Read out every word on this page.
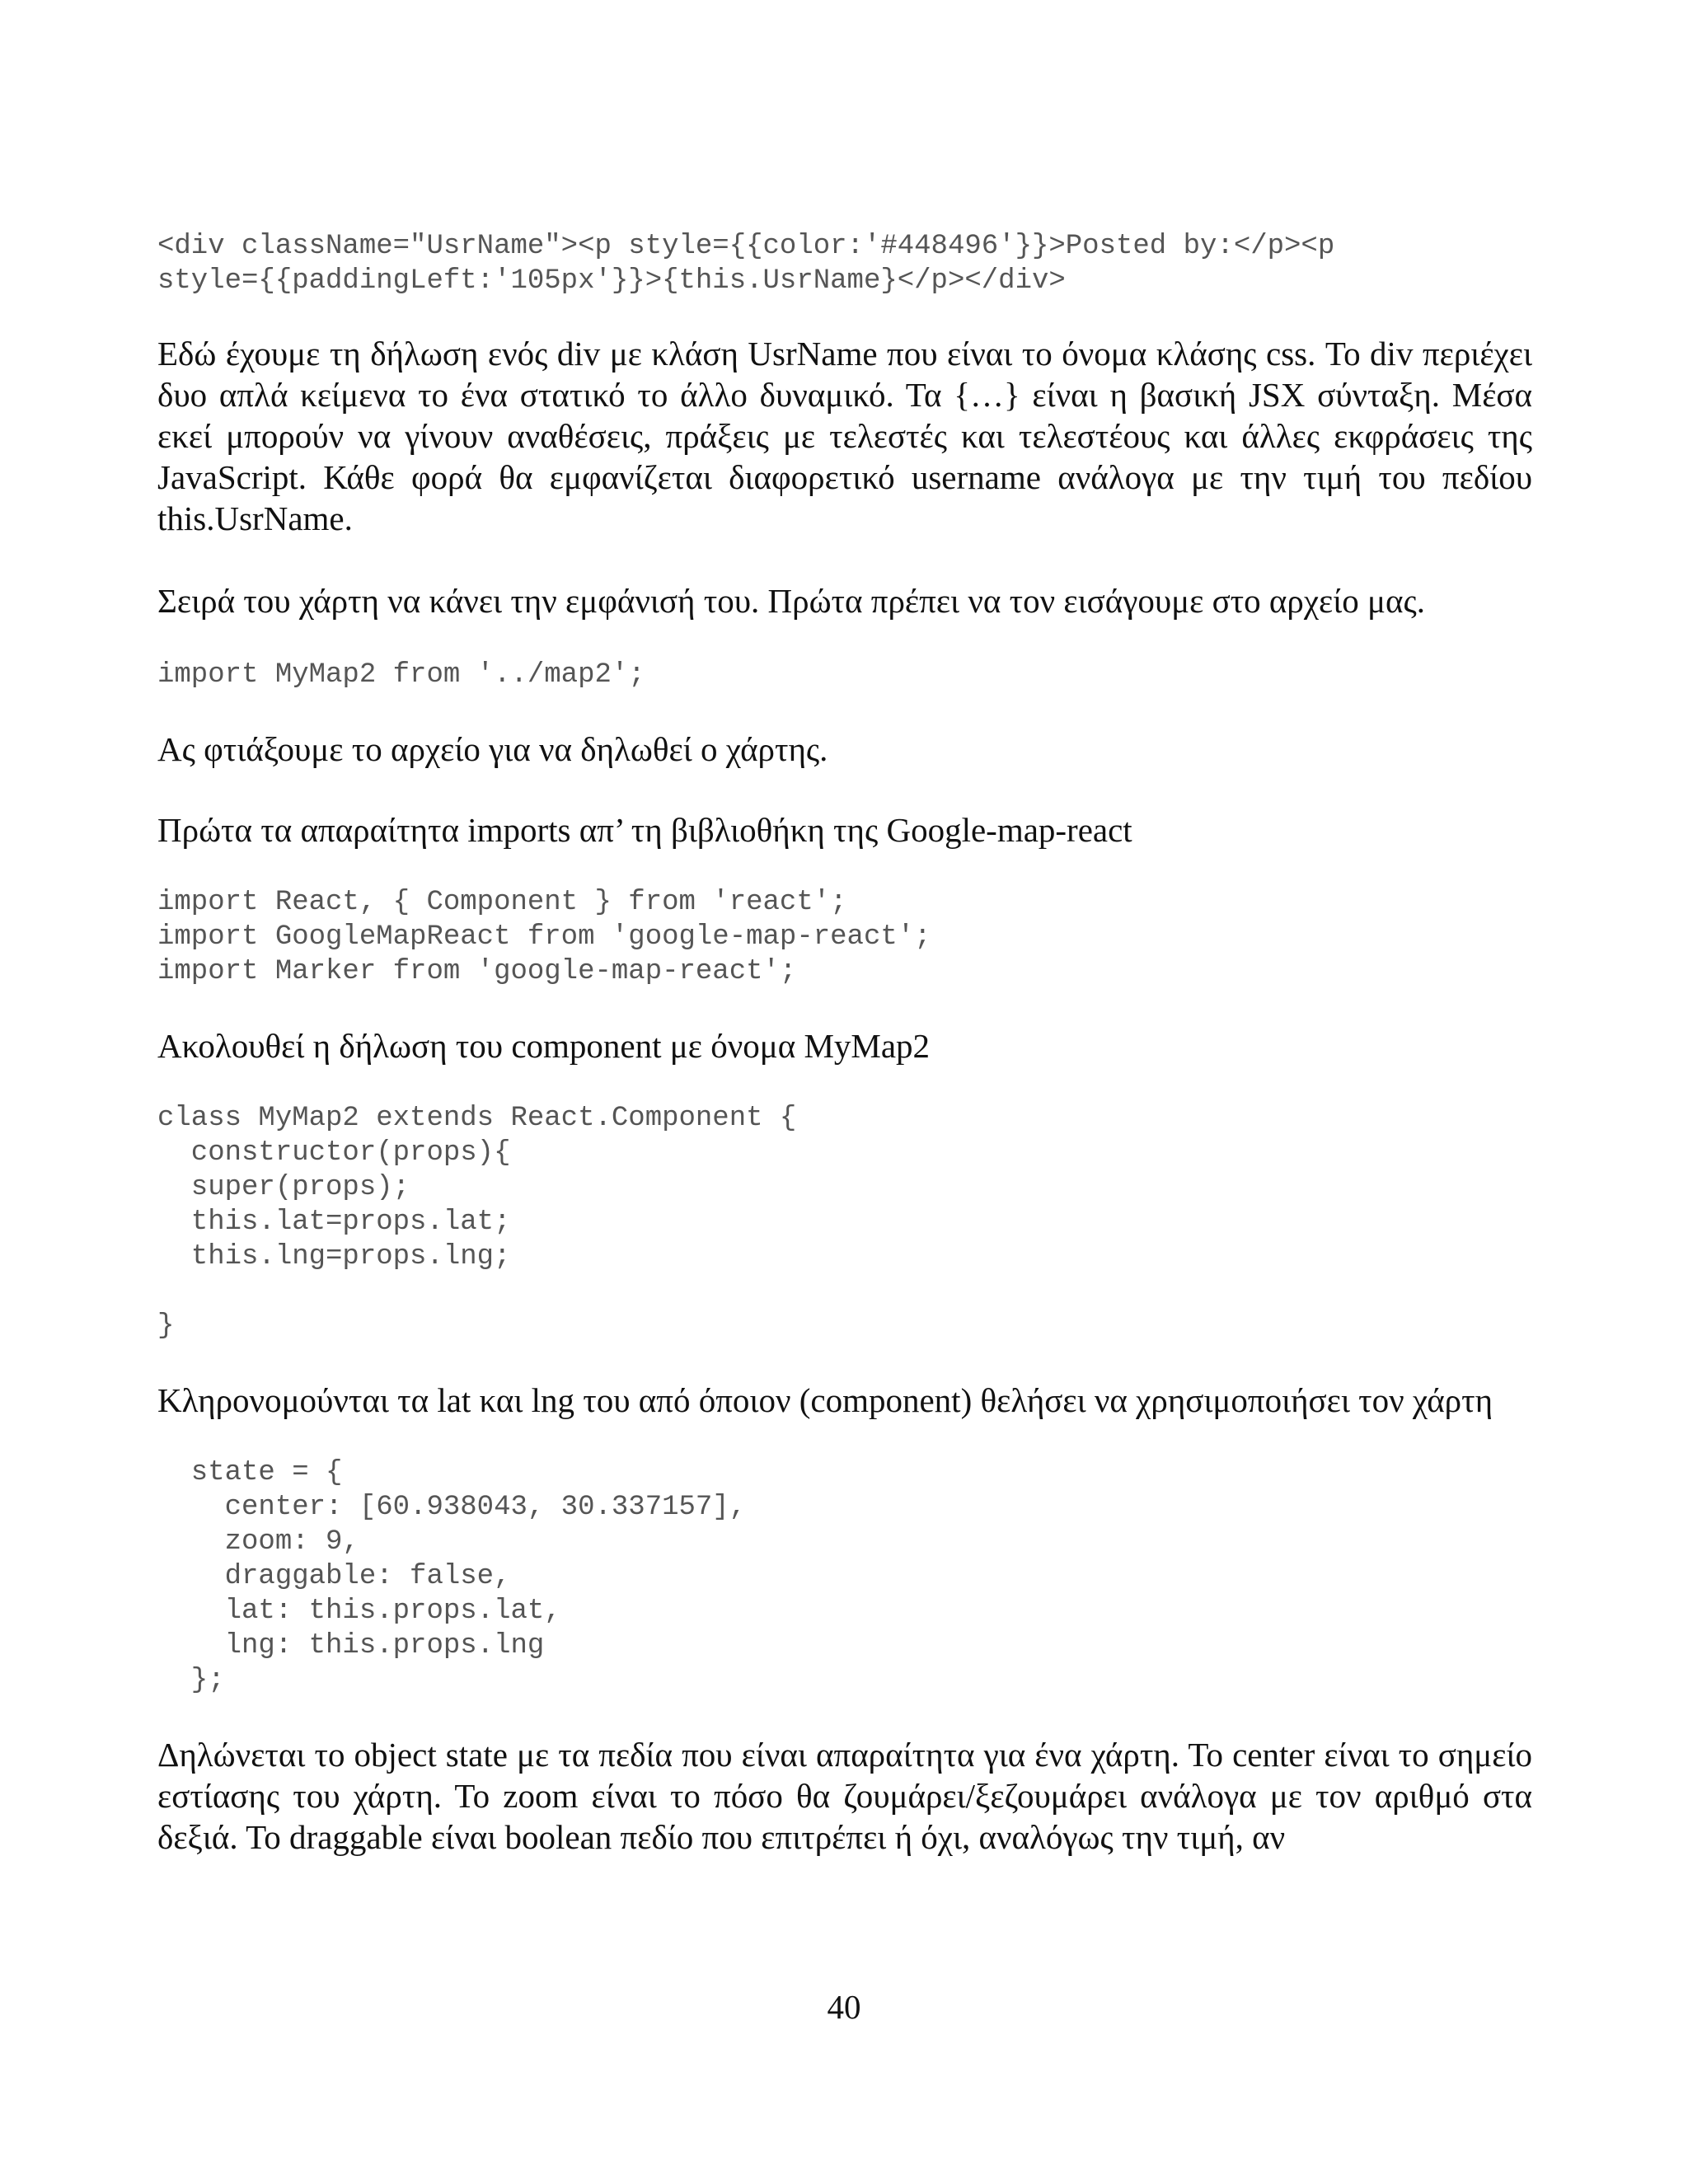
<div className="UsrName"><p style={{color:'#448496'}}>Posted by:</p><p
style={{paddingLeft:'105px'}}>{this.UsrName}</p></div>

Εδώ έχουμε τη δήλωση ενός div με κλάση UsrName που είναι το όνομα κλάσης css. Το div περιέχει δυο απλά κείμενα το ένα στατικό το άλλο δυναμικό. Τα {…} είναι η βασική JSX σύνταξη. Μέσα εκεί μπορούν να γίνουν αναθέσεις, πράξεις με τελεστές και τελεστέους και άλλες εκφράσεις της JavaScript. Κάθε φορά θα εμφανίζεται διαφορετικό username ανάλογα με την τιμή του πεδίου this.UsrName.

Σειρά του χάρτη να κάνει την εμφάνισή του. Πρώτα πρέπει να τον εισάγουμε στο αρχείο μας.

import MyMap2 from '../map2';

Ας φτιάξουμε το αρχείο για να δηλωθεί ο χάρτης.

Πρώτα τα απαραίτητα imports απ’ τη βιβλιοθήκη της Google-map-react

import React, { Component } from 'react';
import GoogleMapReact from 'google-map-react';
import Marker from 'google-map-react';

Ακολουθεί η δήλωση του component με όνομα MyMap2

class MyMap2 extends React.Component {
constructor(props){
super(props);
this.lat=props.lat;
this.lng=props.lng;

}

Κληρονομούνται τα lat και lng του από όποιον (component) θελήσει να χρησιμοποιήσει τον χάρτη

state = {
center: [60.938043, 30.337157],
zoom: 9,
draggable: false,
lat: this.props.lat,
lng: this.props.lng
};

Δηλώνεται το object state με τα πεδία που είναι απαραίτητα για ένα χάρτη. Το center είναι το σημείο εστίασης του χάρτη. Το zoom είναι το πόσο θα ζουμάρει/ξεζουμάρει ανάλογα με τον αριθμό στα δεξιά. Το draggable είναι boolean πεδίο που επιτρέπει ή όχι, αναλόγως την τιμή, αν

40
